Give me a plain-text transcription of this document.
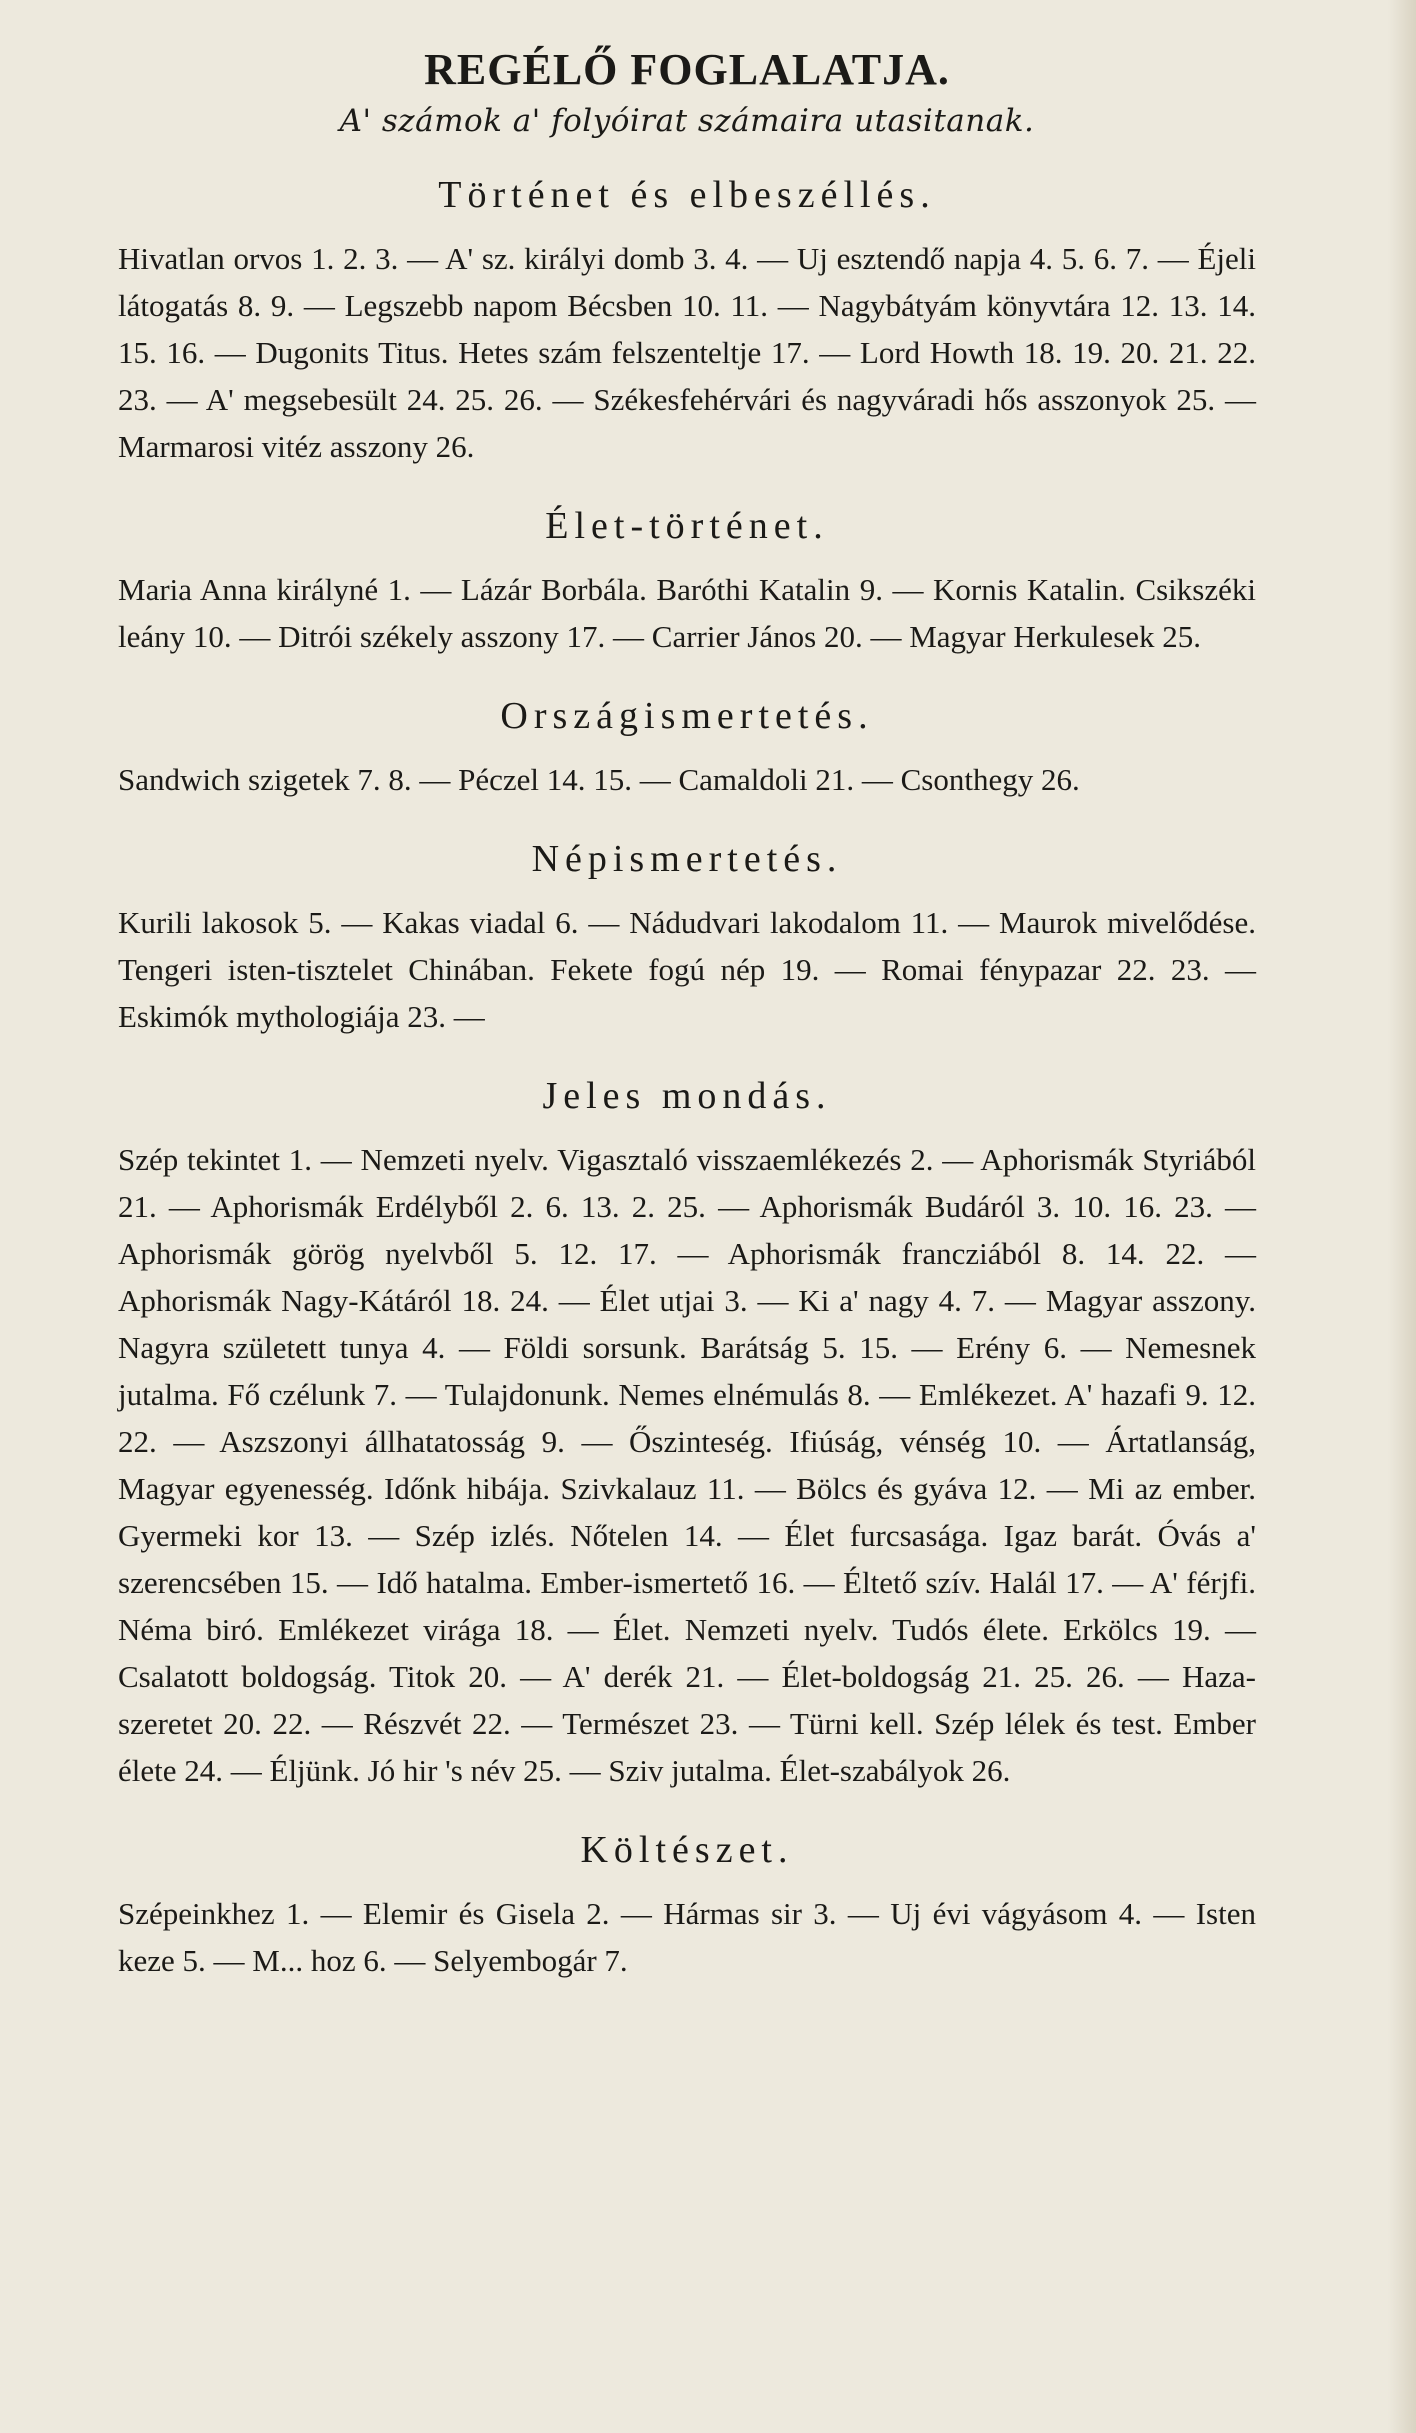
REGÉLŐ FOGLALATJA.
A' számok a' folyóirat számaira utasitanak.
Történet és elbeszéllés.

Hivatlan orvos 1. 2. 3. — A' sz. királyi domb 3. 4. — Uj esztendő napja 4. 5. 6. 7. — Éjeli látogatás 8. 9. — Legszebb napom Bécsben 10. 11. — Nagybátyám könyvtára 12. 13. 14. 15. 16. — Dugonits Titus. Hetes szám felszenteltje 17. — Lord Howth 18. 19. 20. 21. 22. 23. — A' megsebesült 24. 25. 26. — Székesfehérvári és nagyváradi hős asszonyok 25. — Marmarosi vitéz asszony 26.

Élet-történet.

Maria Anna királyné 1. — Lázár Borbála. Baróthi Katalin 9. — Kornis Katalin. Csikszéki leány 10. — Ditrói székely asszony 17. — Carrier János 20. — Magyar Herkulesek 25.

Országismertetés.

Sandwich szigetek 7. 8. — Péczel 14. 15. — Camaldoli 21. — Csonthegy 26.

Népismertetés.

Kurili lakosok 5. — Kakas viadal 6. — Nádudvari lakodalom 11. — Maurok mivelődése. Tengeri isten-tisztelet Chinában. Fekete fogú nép 19. — Romai fénypazar 22. 23. — Eskimók mythologiája 23. —

Jeles mondás.

Szép tekintet 1. — Nemzeti nyelv. Vigasztaló visszaemlékezés 2. — Aphorismák Styriából 21. — Aphorismák Erdélyből 2. 6. 13. 2. 25. — Aphorismák Budáról 3. 10. 16. 23. — Aphorismák görög nyelvből 5. 12. 17. — Aphorismák francziából 8. 14. 22. — Aphorismák Nagy-Kátáról 18. 24. — Élet utjai 3. — Ki a' nagy 4. 7. — Magyar asszony. Nagyra született tunya 4. — Földi sorsunk. Barátság 5. 15. — Erény 6. — Nemesnek jutalma. Fő czélunk 7. — Tulajdonunk. Nemes elnémulás 8. — Emlékezet. A' hazafi 9. 12. 22. — Aszszonyi állhatatosság 9. — Őszinteség. Ifiúság, vénség 10. — Ártatlanság, Magyar egyenesség. Időnk hibája. Szivkalauz 11. — Bölcs és gyáva 12. — Mi az ember. Gyermeki kor 13. — Szép izlés. Nőtelen 14. — Élet furcsasága. Igaz barát. Óvás a' szerencsében 15. — Idő hatalma. Ember-ismertető 16. — Éltető szív. Halál 17. — A' férjfi. Néma biró. Emlékezet virága 18. — Élet. Nemzeti nyelv. Tudós élete. Erkölcs 19. — Csalatott boldogság. Titok 20. — A' derék 21. — Élet-boldogság 21. 25. 26. — Haza-szeretet 20. 22. — Részvét 22. — Természet 23. — Türni kell. Szép lélek és test. Ember élete 24. — Éljünk. Jó hir 's név 25. — Sziv jutalma. Élet-szabályok 26.

Költészet.

Szépeinkhez 1. — Elemir és Gisela 2. — Hármas sir 3. — Uj évi vágyásom 4. — Isten keze 5. — M... hoz 6. — Selyembogár 7.
